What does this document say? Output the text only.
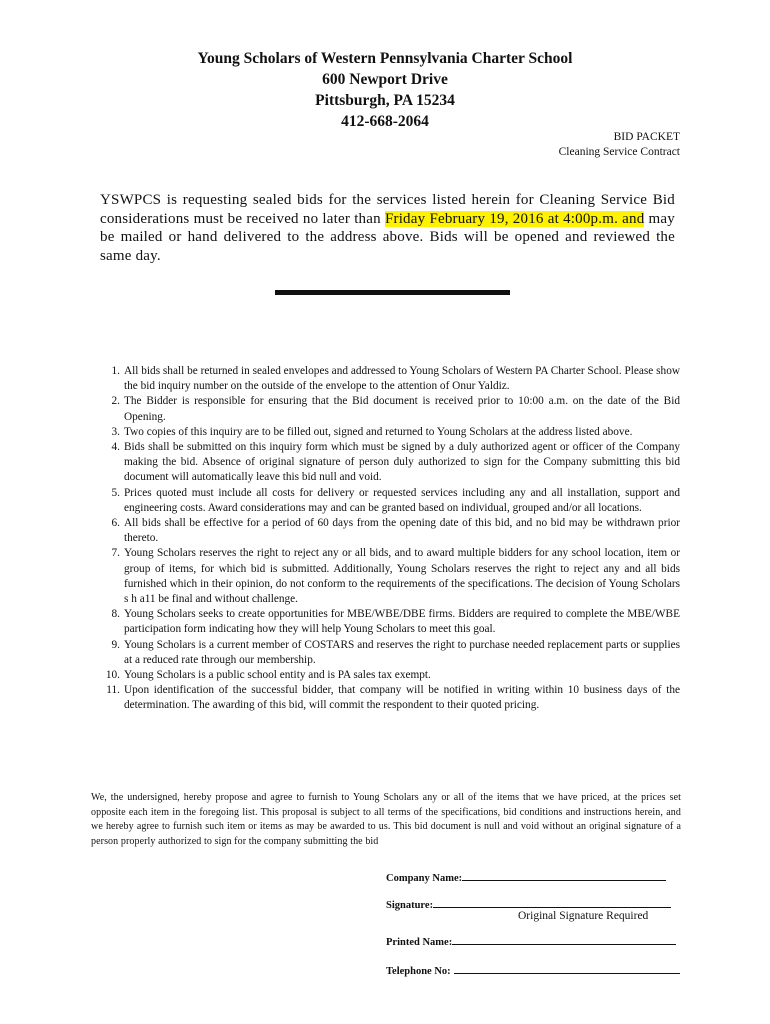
Young Scholars of Western Pennsylvania Charter School
600 Newport Drive
Pittsburgh, PA 15234
412-668-2064
BID PACKET
Cleaning Service Contract
YSWPCS is requesting sealed bids for the services listed herein for Cleaning Service Bid considerations must be received no later than Friday February 19, 2016 at 4:00p.m. and may be mailed or hand delivered to the address above. Bids will be opened and reviewed the same day.
1. All bids shall be returned in sealed envelopes and addressed to Young Scholars of Western PA Charter School. Please show the bid inquiry number on the outside of the envelope to the attention of Onur Yaldiz.
2. The Bidder is responsible for ensuring that the Bid document is received prior to 10:00 a.m. on the date of the Bid Opening.
3. Two copies of this inquiry are to be filled out, signed and returned to Young Scholars at the address listed above.
4. Bids shall be submitted on this inquiry form which must be signed by a duly authorized agent or officer of the Company making the bid. Absence of original signature of person duly authorized to sign for the Company submitting this bid document will automatically leave this bid null and void.
5. Prices quoted must include all costs for delivery or requested services including any and all installation, support and engineering costs. Award considerations may and can be granted based on individual, grouped and/or all locations.
6. All bids shall be effective for a period of 60 days from the opening date of this bid, and no bid may be withdrawn prior thereto.
7. Young Scholars reserves the right to reject any or all bids, and to award multiple bidders for any school location, item or group of items, for which bid is submitted. Additionally, Young Scholars reserves the right to reject any and all bids furnished which in their opinion, do not conform to the requirements of the specifications. The decision of Young Scholars s h a11 be final and without challenge.
8. Young Scholars seeks to create opportunities for MBE/WBE/DBE firms. Bidders are required to complete the MBE/WBE participation form indicating how they will help Young Scholars to meet this goal.
9. Young Scholars is a current member of COSTARS and reserves the right to purchase needed replacement parts or supplies at a reduced rate through our membership.
10. Young Scholars is a public school entity and is PA sales tax exempt.
11. Upon identification of the successful bidder, that company will be notified in writing within 10 business days of the determination. The awarding of this bid, will commit the respondent to their quoted pricing.
We, the undersigned, hereby propose and agree to furnish to Young Scholars any or all of the items that we have priced, at the prices set opposite each item in the foregoing list. This proposal is subject to all terms of the specifications, bid conditions and instructions herein, and we hereby agree to furnish such item or items as may be awarded to us. This bid document is null and void without an original signature of a person properly authorized to sign for the company submitting the bid
Company Name:
Signature:
Original Signature Required
Printed Name:
Telephone No:
